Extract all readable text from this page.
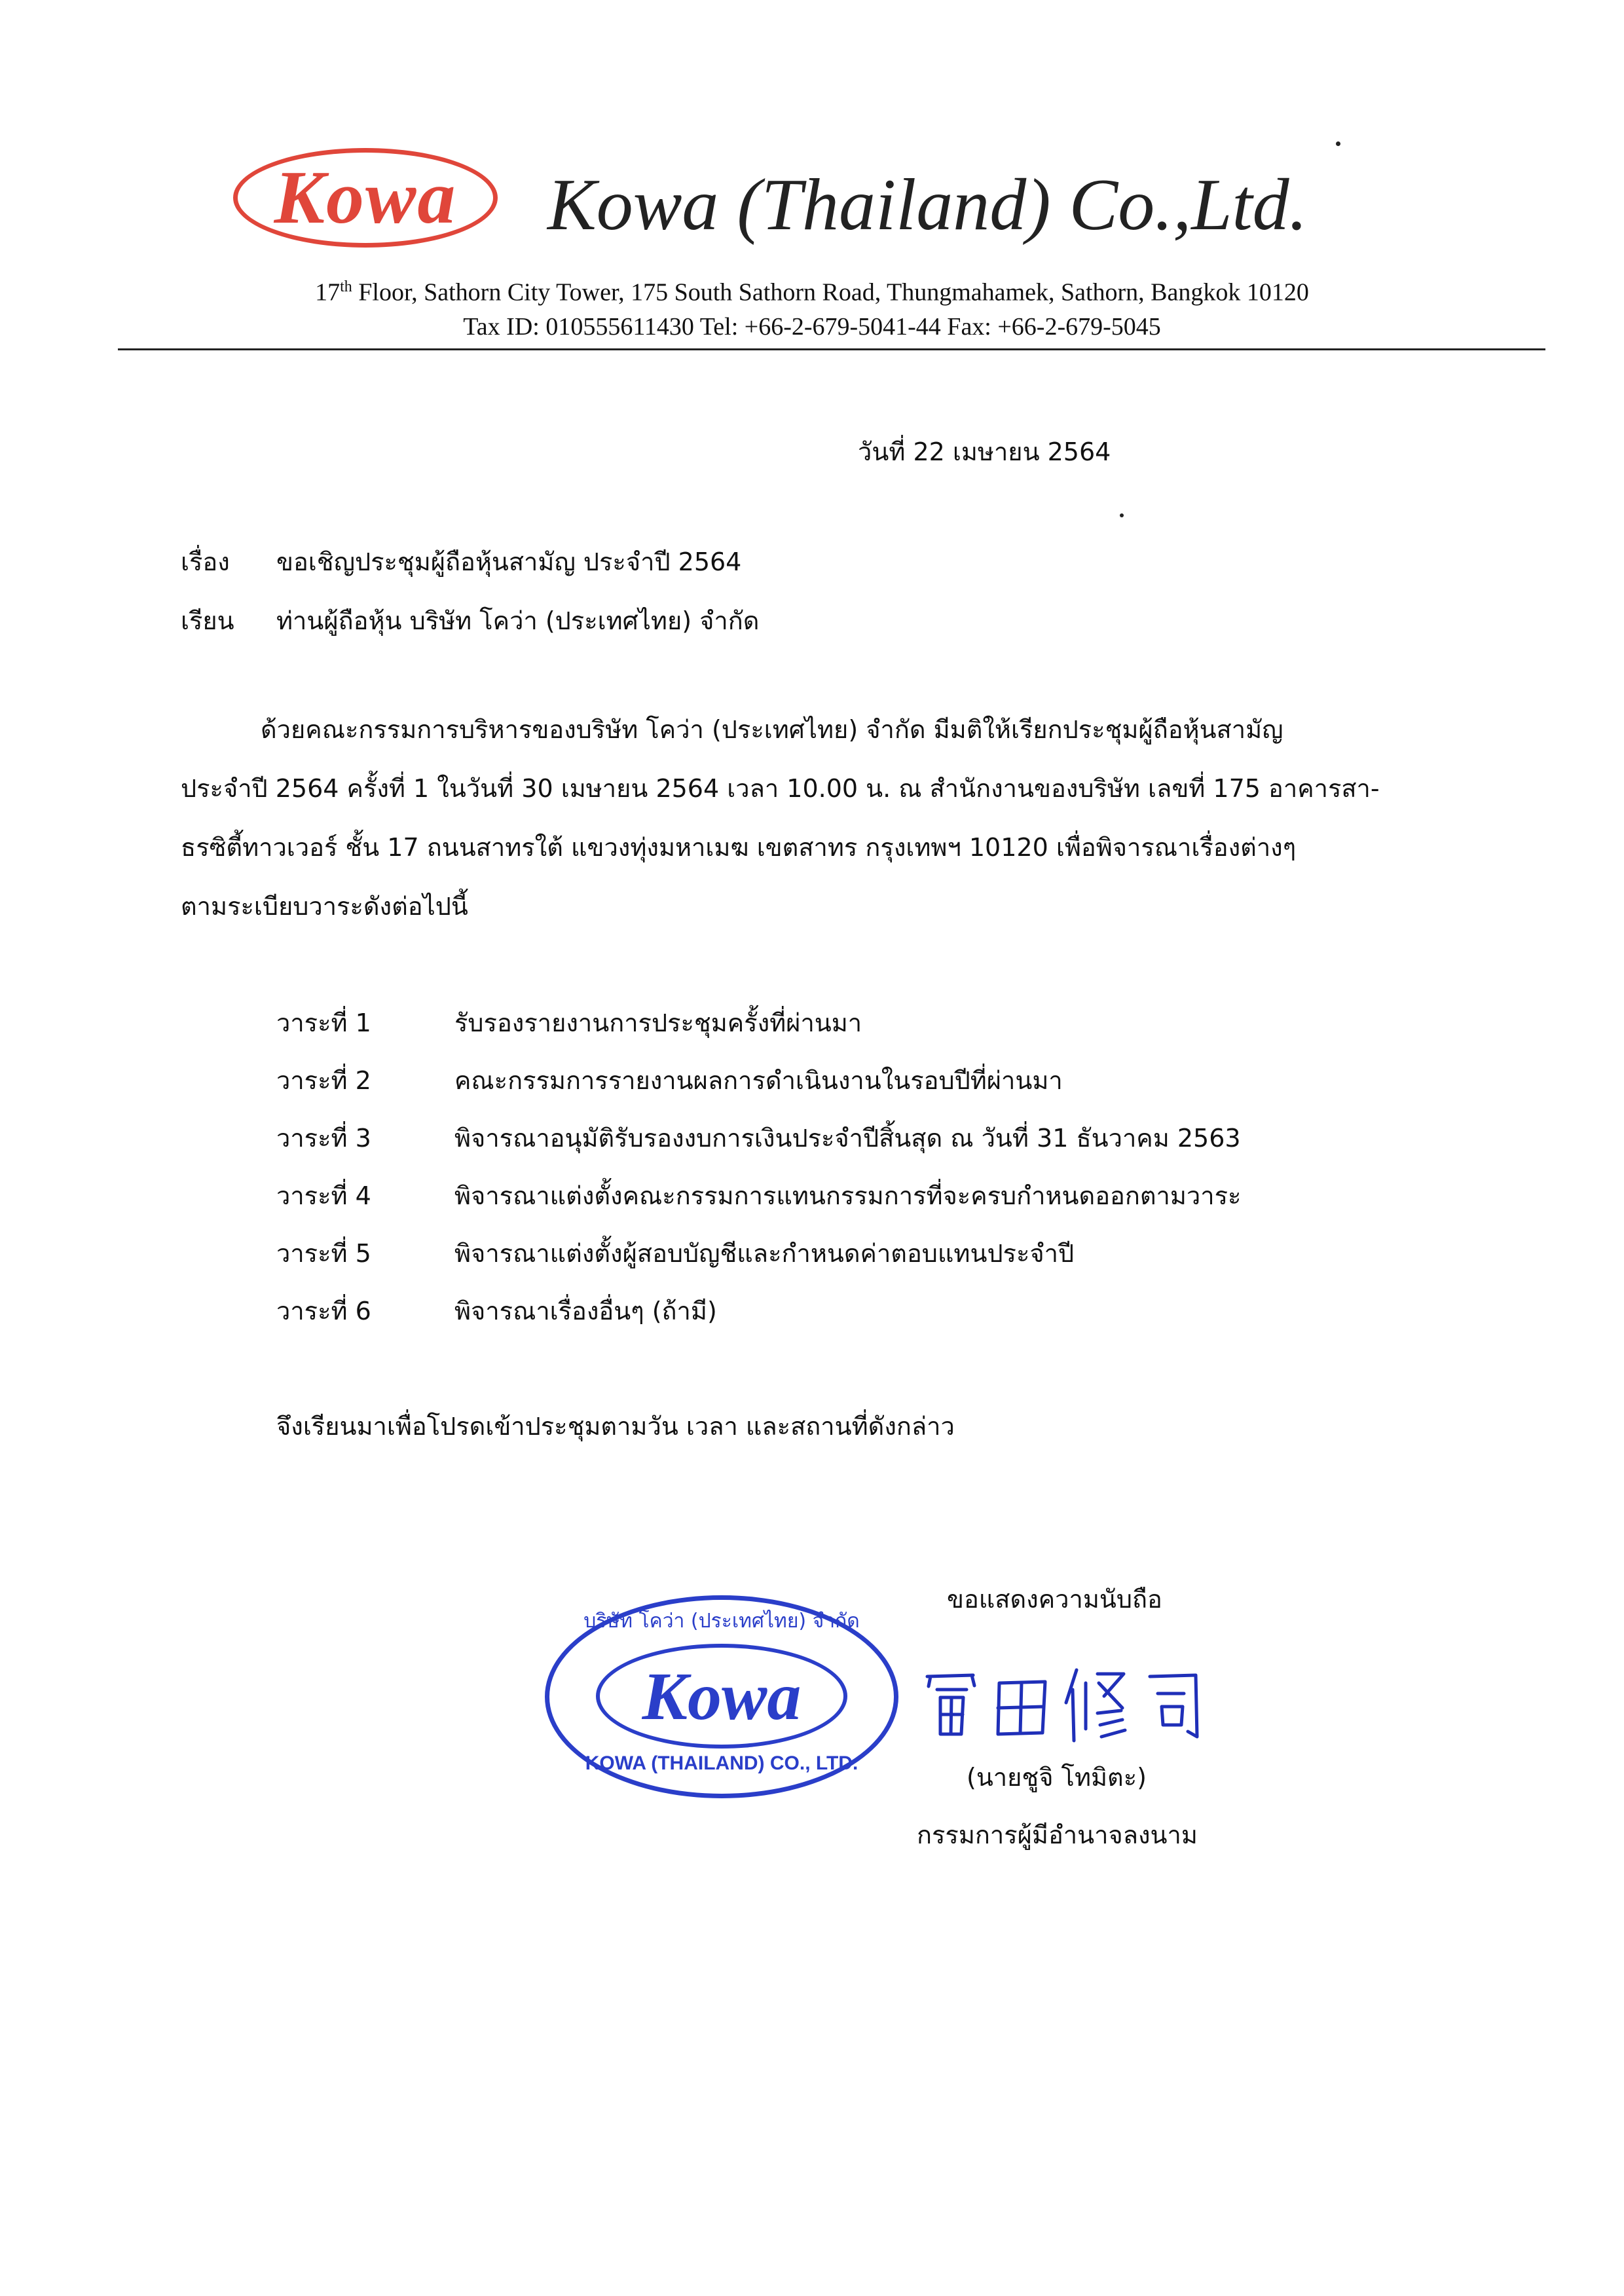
Kowa	Kowa (Thailand) Co.,Ltd.
17th Floor, Sathorn City Tower, 175 South Sathorn Road, Thungmahamek, Sathorn, Bangkok 10120
Tax ID: 010555611430 Tel: +66-2-679-5041-44 Fax: +66-2-679-5045
วันที่ 22 เมษายน 2564
เรื่อง ขอเชิญประชุมผู้ถือหุ้นสามัญ ประจำปี 2564
เรียน ท่านผู้ถือหุ้น บริษัท โคว่า (ประเทศไทย) จำกัด
ด้วยคณะกรรมการบริหารของบริษัท โคว่า (ประเทศไทย) จำกัด มีมติให้เรียกประชุมผู้ถือหุ้นสามัญ
ประจำปี 2564 ครั้งที่ 1 ในวันที่ 30 เมษายน 2564 เวลา 10.00 น. ณ สำนักงานของบริษัท เลขที่ 175 อาคารสา-
ธรซิตี้ทาวเวอร์ ชั้น 17 ถนนสาทรใต้ แขวงทุ่งมหาเมฆ เขตสาทร กรุงเทพฯ 10120 เพื่อพิจารณาเรื่องต่างๆ
ตามระเบียบวาระดังต่อไปนี้
วาระที่ 1	รับรองรายงานการประชุมครั้งที่ผ่านมา
วาระที่ 2	คณะกรรมการรายงานผลการดำเนินงานในรอบปีที่ผ่านมา
วาระที่ 3	พิจารณาอนุมัติรับรองงบการเงินประจำปีสิ้นสุด ณ วันที่ 31 ธันวาคม 2563
วาระที่ 4	พิจารณาแต่งตั้งคณะกรรมการแทนกรรมการที่จะครบกำหนดออกตามวาระ
วาระที่ 5	พิจารณาแต่งตั้งผู้สอบบัญชีและกำหนดค่าตอบแทนประจำปี
วาระที่ 6	พิจารณาเรื่องอื่นๆ (ถ้ามี)
จึงเรียนมาเพื่อโปรดเข้าประชุมตามวัน เวลา และสถานที่ดังกล่าว
ขอแสดงความนับถือ
Kowa
บริษัท โคว่า (ประเทศไทย) จำกัด
KOWA (THAILAND) CO., LTD.	(นายชูจิ โทมิตะ)
กรรมการผู้มีอำนาจลงนาม
